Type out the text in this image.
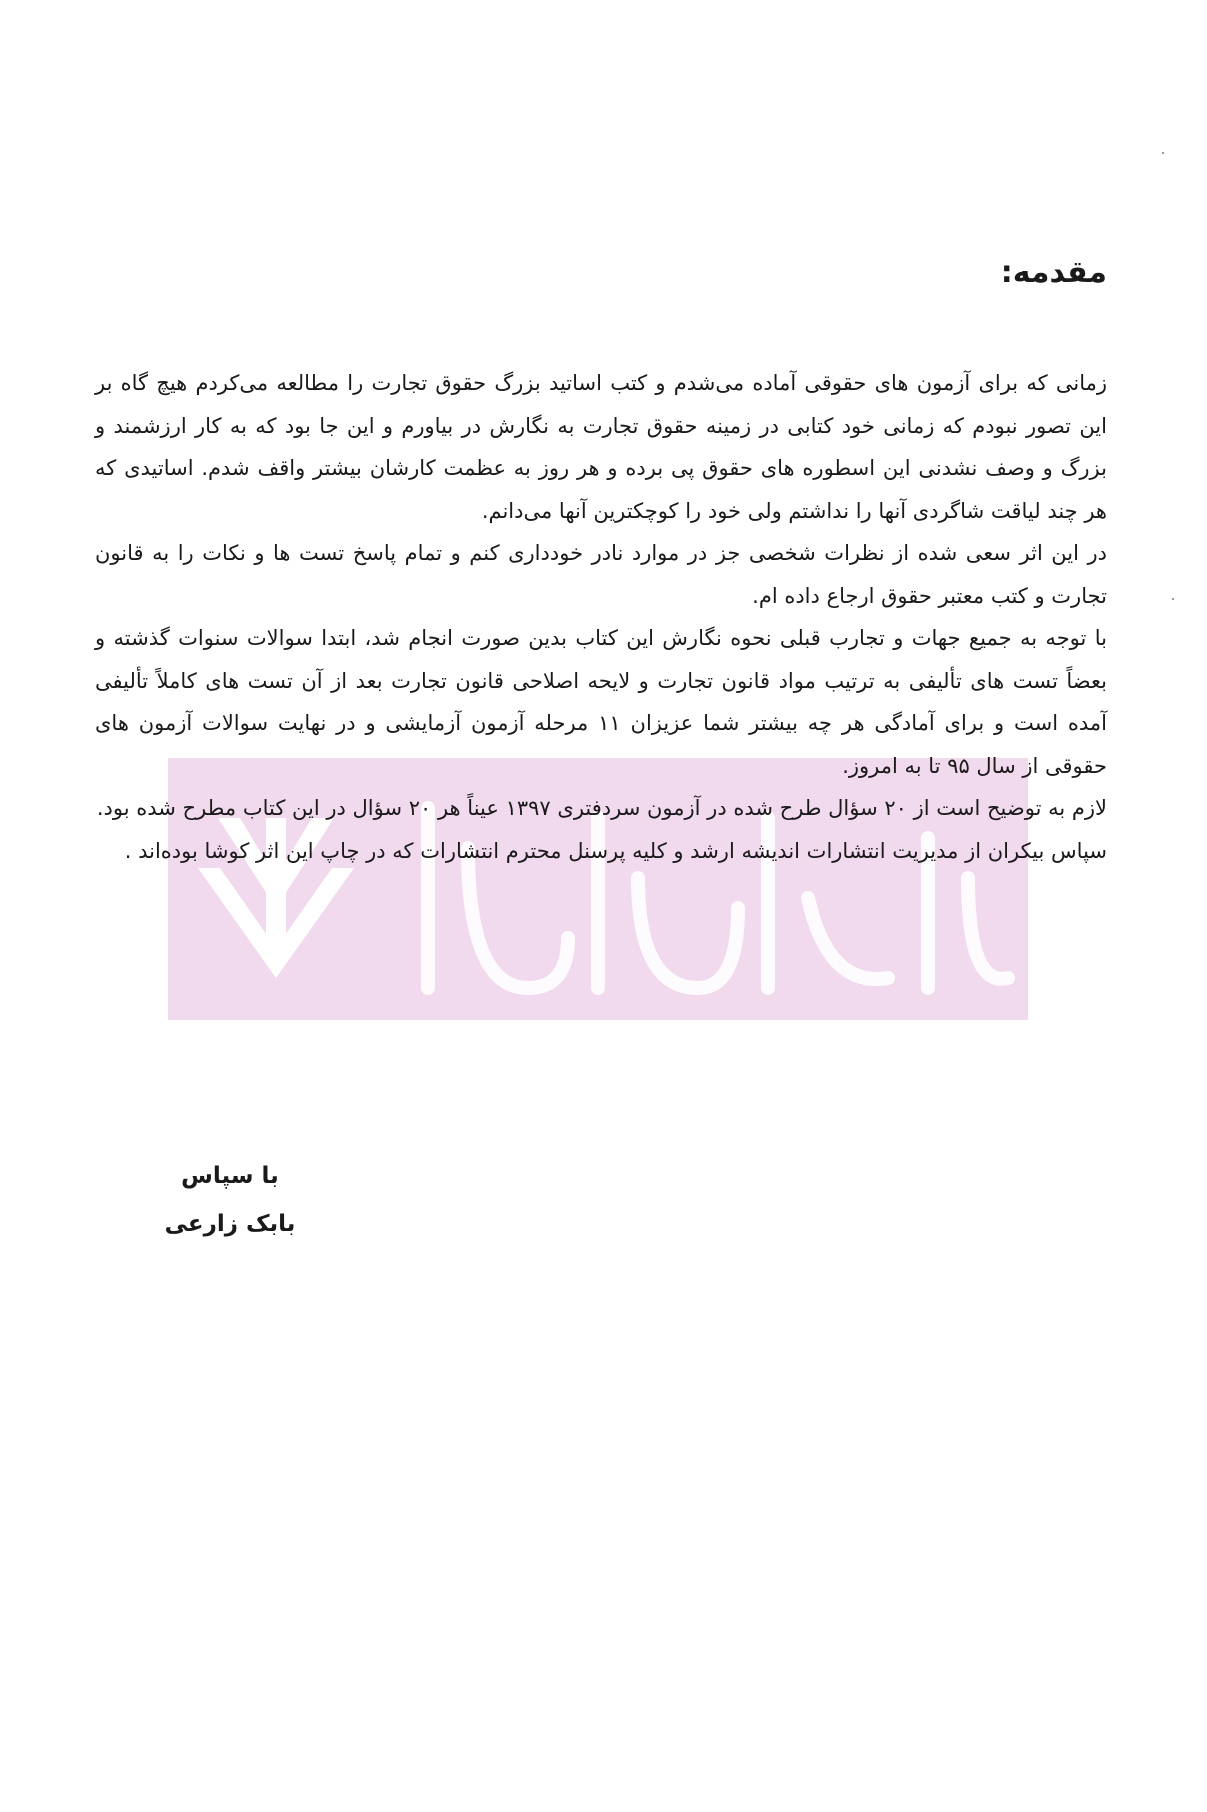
ادیبازار
مقدمه:

زمانی که برای آزمون های حقوقی آماده می‌شدم و کتب اساتید بزرگ حقوق تجارت را مطالعه می‌کردم هیچ گاه بر این تصور نبودم که زمانی خود کتابی در زمینه حقوق تجارت به نگارش در بیاورم و این جا بود که به کار ارزشمند و بزرگ و وصف نشدنی این اسطوره های حقوق پی برده و هر روز به عظمت کارشان بیشتر واقف شدم. اساتیدی که هر چند لیاقت شاگردی آنها را نداشتم ولی خود را کوچکترین آنها می‌دانم.

در این اثر سعی شده از نظرات شخصی جز در موارد نادر خودداری کنم و تمام پاسخ تست ها و نکات را به قانون تجارت و کتب معتبر حقوق ارجاع داده ام.

با توجه به جمیع جهات و تجارب قبلی نحوه نگارش این کتاب بدین صورت انجام شد، ابتدا سوالات سنوات گذشته و بعضاً تست های تألیفی به ترتیب مواد قانون تجارت و لایحه اصلاحی قانون تجارت بعد از آن تست های کاملاً تألیفی آمده است و برای آمادگی هر چه بیشتر شما عزیزان ۱۱ مرحله آزمون آزمایشی و در نهایت سوالات آزمون های حقوقی از سال ۹۵ تا به امروز.

لازم به توضیح است از ۲۰ سؤال طرح شده در آزمون سردفتری ۱۳۹۷ عیناً هر ۲۰ سؤال در این کتاب مطرح شده بود.

سپاس بیکران از مدیریت انتشارات اندیشه ارشد و کلیه پرسنل محترم انتشارات که در چاپ این اثر کوشا بوده‌اند .

با سپاس
بابک زارعی
